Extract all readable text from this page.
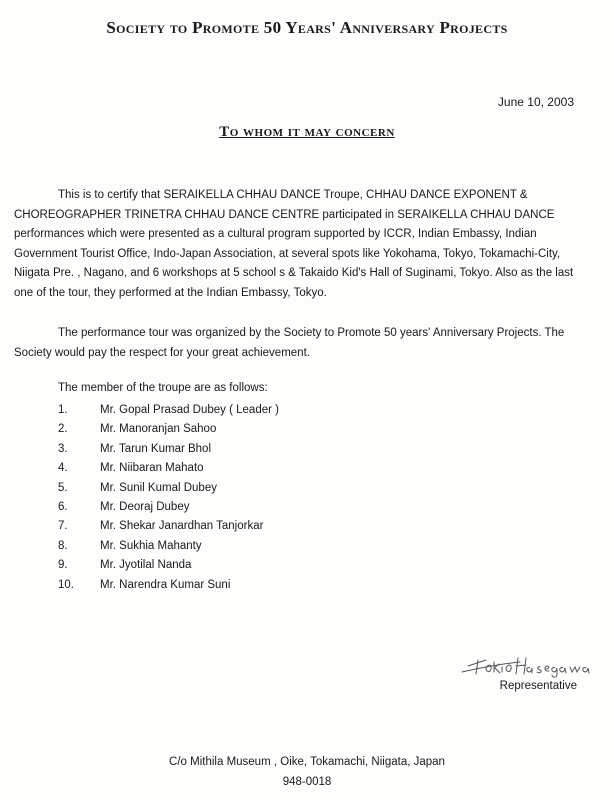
Society to Promote 50 Years' Anniversary Projects
June 10, 2003
To whom it may concern

This is to certify that SERAIKELLA CHHAU DANCE Troupe, CHHAU DANCE EXPONENT & CHOREOGRAPHER TRINETRA CHHAU DANCE CENTRE participated in SERAIKELLA CHHAU DANCE performances which were presented as a cultural program supported by ICCR, Indian Embassy, Indian Government Tourist Office, Indo-Japan Association, at several spots like Yokohama, Tokyo, Tokamachi-City, Niigata Pre. , Nagano, and 6 workshops at 5 school s & Takaido Kid's Hall of Suginami, Tokyo. Also as the last one of the tour, they performed at the Indian Embassy, Tokyo.

The performance tour was organized by the Society to Promote 50 years' Anniversary Projects. The Society would pay the respect for your great achievement.

The member of the troupe are as follows:
1.	Mr. Gopal Prasad Dubey ( Leader )
2.	Mr. Manoranjan Sahoo
3.	Mr. Tarun Kumar Bhol
4.	Mr. Niibaran Mahato
5.	Mr. Sunil Kumal Dubey
6.	Mr. Deoraj Dubey
7.	Mr. Shekar Janardhan Tanjorkar
8.	Mr. Sukhia Mahanty
9.	Mr. Jyotilal Nanda
10.	Mr. Narendra Kumar Suni
Representative
C/o Mithila Museum , Oike, Tokamachi, Niigata, Japan
948-0018
